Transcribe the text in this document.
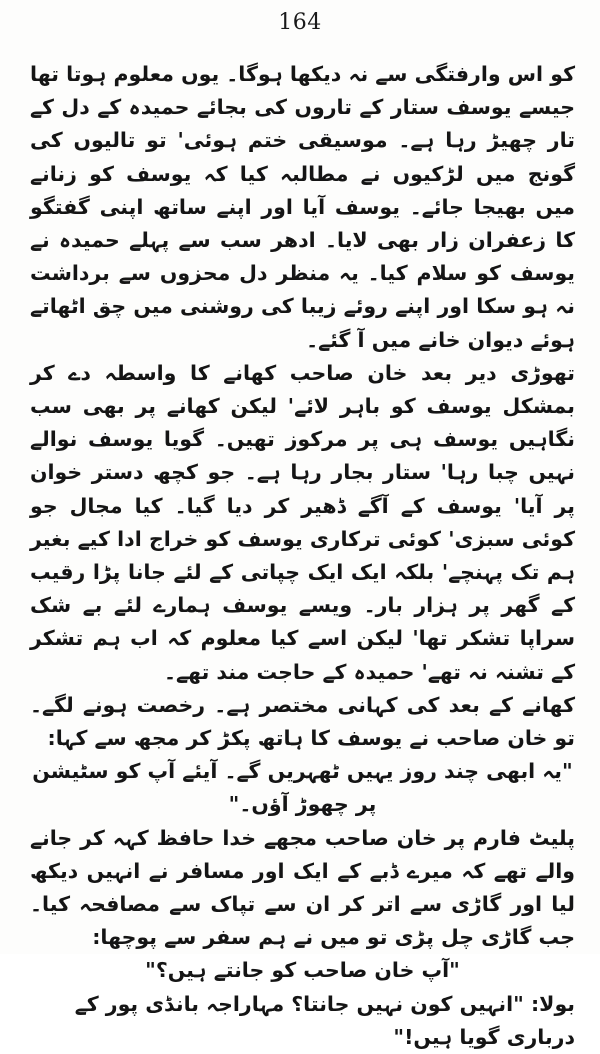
164

کو اس وارفتگی سے نہ دیکھا ہوگا۔ یوں معلوم ہوتا تھا جیسے یوسف ستار کے تاروں کی بجائے حمیدہ کے دل کے تار چھیڑ رہا ہے۔ موسیقی ختم ہوئی' تو تالیوں کی گونج میں لڑکیوں نے مطالبہ کیا کہ یوسف کو زنانے میں بھیجا جائے۔ یوسف آیا اور اپنے ساتھ اپنی گفتگو کا زعفران زار بھی لایا۔ ادھر سب سے پہلے حمیدہ نے یوسف کو سلام کیا۔ یہ منظر دل محزوں سے برداشت نہ ہو سکا اور اپنے روئے زیبا کی روشنی میں چق اٹھاتے ہوئے دیوان خانے میں آ گئے۔

تھوڑی دیر بعد خان صاحب کھانے کا واسطہ دے کر بمشکل یوسف کو باہر لائے' لیکن کھانے پر بھی سب نگاہیں یوسف ہی پر مرکوز تھیں۔ گویا یوسف نوالے نہیں چبا رہا' ستار بجار رہا ہے۔ جو کچھ دستر خوان پر آیا' یوسف کے آگے ڈھیر کر دیا گیا۔ کیا مجال جو کوئی سبزی' کوئی ترکاری یوسف کو خراج ادا کیے بغیر ہم تک پہنچے' بلکہ ایک ایک چپاتی کے لئے جانا پڑا رقیب کے گھر پر ہزار بار۔ ویسے یوسف ہمارے لئے بے شک سراپا تشکر تھا' لیکن اسے کیا معلوم کہ اب ہم تشکر کے تشنہ نہ تھے' حمیدہ کے حاجت مند تھے۔

کھانے کے بعد کی کہانی مختصر ہے۔ رخصت ہونے لگے۔ تو خان صاحب نے یوسف کا ہاتھ پکڑ کر مجھ سے کہا:

"یہ ابھی چند روز یہیں ٹھہریں گے۔ آیئے آپ کو سٹیشن پر چھوڑ آؤں۔"

پلیٹ فارم پر خان صاحب مجھے خدا حافظ کہہ کر جانے والے تھے کہ میرے ڈبے کے ایک اور مسافر نے انہیں دیکھ لیا اور گاڑی سے اتر کر ان سے تپاک سے مصافحہ کیا۔ جب گاڑی چل پڑی تو میں نے ہم سفر سے پوچھا:

"آپ خان صاحب کو جانتے ہیں؟"

بولا: "انہیں کون نہیں جانتا؟ مہاراجہ بانڈی پور کے درباری گویا ہیں!"
